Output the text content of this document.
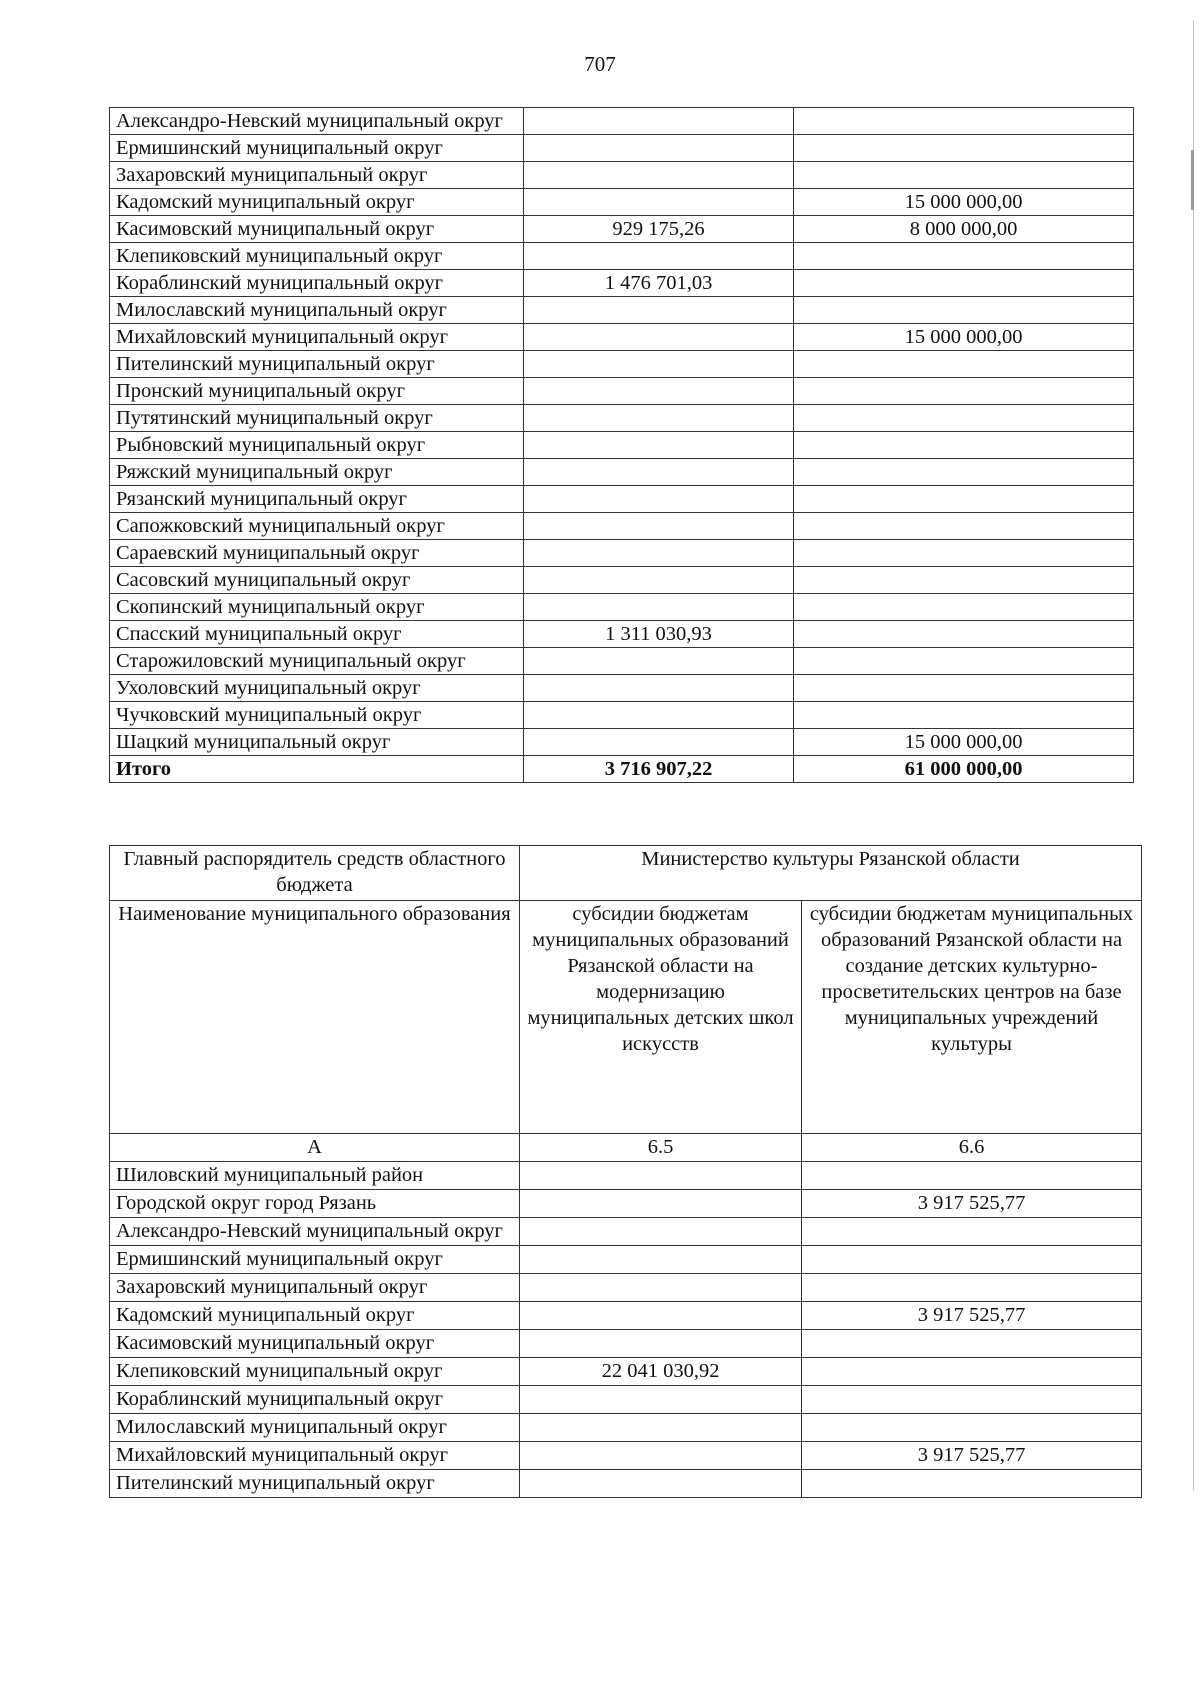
707
Александро-Невский муниципальный округ		
Ермишинский муниципальный округ		
Захаровский муниципальный округ		
Кадомский муниципальный округ		15 000 000,00
Касимовский муниципальный округ	929 175,26	8 000 000,00
Клепиковский муниципальный округ		
Кораблинский муниципальный округ	1 476 701,03	
Милославский муниципальный округ		
Михайловский муниципальный округ		15 000 000,00
Пителинский муниципальный округ		
Пронский муниципальный округ		
Путятинский муниципальный округ		
Рыбновский муниципальный округ		
Ряжский муниципальный округ		
Рязанский муниципальный округ		
Сапожковский муниципальный округ		
Сараевский муниципальный округ		
Сасовский муниципальный округ		
Скопинский муниципальный округ		
Спасский муниципальный округ	1 311 030,93	
Старожиловский муниципальный округ		
Ухоловский муниципальный округ		
Чучковский муниципальный округ		
Шацкий муниципальный округ		15 000 000,00
Итого	3 716 907,22	61 000 000,00
Главный распорядитель средств областного бюджета	Министерство культуры Рязанской области	
Наименование муниципального образования	субсидии бюджетам муниципальных образований Рязанской области на модернизацию муниципальных детских школ искусств	субсидии бюджетам муниципальных образований Рязанской области на создание детских культурно-просветительских центров на базе муниципальных учреждений культуры
А	6.5	6.6
Шиловский муниципальный район		
Городской округ город Рязань		3 917 525,77
Александро-Невский муниципальный округ		
Ермишинский муниципальный округ		
Захаровский муниципальный округ		
Кадомский муниципальный округ		3 917 525,77
Касимовский муниципальный округ		
Клепиковский муниципальный округ	22 041 030,92	
Кораблинский муниципальный округ		
Милославский муниципальный округ		
Михайловский муниципальный округ		3 917 525,77
Пителинский муниципальный округ		
